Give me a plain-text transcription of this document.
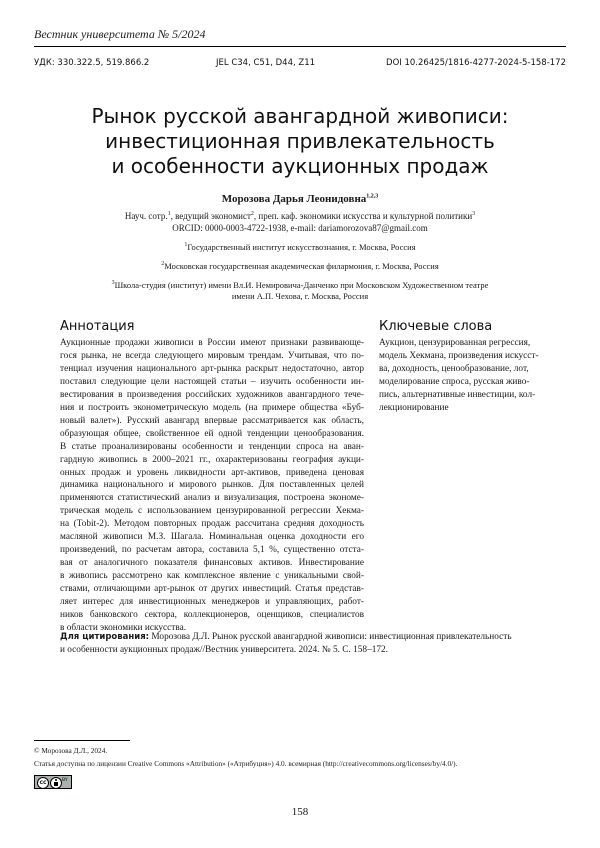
Вестник университета № 5/2024
УДК: 330.322.5, 519.866.2	JEL C34, C51, D44, Z11	DOI 10.26425/1816-4277-2024-5-158-172
Рынок русской авангардной живописи:
инвестиционная привлекательность
и особенности аукционных продаж
Морозова Дарья Леонидовна$^{1,2,3}$
Науч. сотр.$^1$, ведущий экономист$^2$, преп. каф. экономики искусства и культурной политики$^3$
ORCID: 0000-0003-4722-1938, e-mail: dariamorozova87@gmail.com

$^1$Государственный институт искусствознания, г. Москва, Россия

$^2$Московская государственная академическая филармония, г. Москва, Россия

$^3$Школа-студия (институт) имени Вл.И. Немировича-Данченко при Московском Художественном театре
имени А.П. Чехова, г. Москва, Россия

Аннотация	Ключевые слова
Аукционные продажи живописи в России имеют признаки развивающе-
гося рынка, не всегда следующего мировым трендам. Учитывая, что по-
тенциал изучения национального арт-рынка раскрыт недостаточно, автор
поставил следующие цели настоящей статьи – изучить особенности ин-
вестирования в произведения российских художников авангардного тече-
ния и построить эконометрическую модель (на примере общества «Буб-
новый валет»). Русский авангард впервые рассматривается как область,
образующая общее, свойственное ей одной тенденции ценообразования.
В статье проанализированы особенности и тенденции спроса на аван-
гардную живопись в 2000–2021 гг., охарактеризованы география аукци-
онных продаж и уровень ликвидности арт-активов, приведена ценовая
динамика национального и мирового рынков. Для поставленных целей
применяются статистический анализ и визуализация, построена экономе-
трическая модель с использованием цензурированной регрессии Хекма-
на (Tobit-2). Методом повторных продаж рассчитана средняя доходность
масляной живописи М.З. Шагала. Номинальная оценка доходности его
произведений, по расчетам автора, составила 5,1 %, существенно отста-
вая от аналогичного показателя финансовых активов. Инвестирование
в живопись рассмотрено как комплексное явление с уникальными свой-
ствами, отличающими арт-рынок от других инвестиций. Статья представ-
ляет интерес для инвестиционных менеджеров и управляющих, работ-
ников банковского сектора, коллекционеров, оценщиков, специалистов
в области экономики искусства.
Аукцион, цензурированная регрессия,
модель Хекмана, произведения искусст-
ва, доходность, ценообразование, лот,
моделирование спроса, русская живо-
пись, альтернативные инвестиции, кол-
лекционирование
Для цитирования: Морозова Д.Л. Рынок русской авангардной живописи: инвестиционная привлекательность
и особенности аукционных продаж//Вестник университета. 2024. № 5. С. 158–172.
© Морозова Д.Л., 2024.
Статья доступна по лицензии Creative Commons «Attribution» («Атрибуция») 4.0. всемирная (http://creativecommons.org/licenses/by/4.0/).
cc	BY
158
